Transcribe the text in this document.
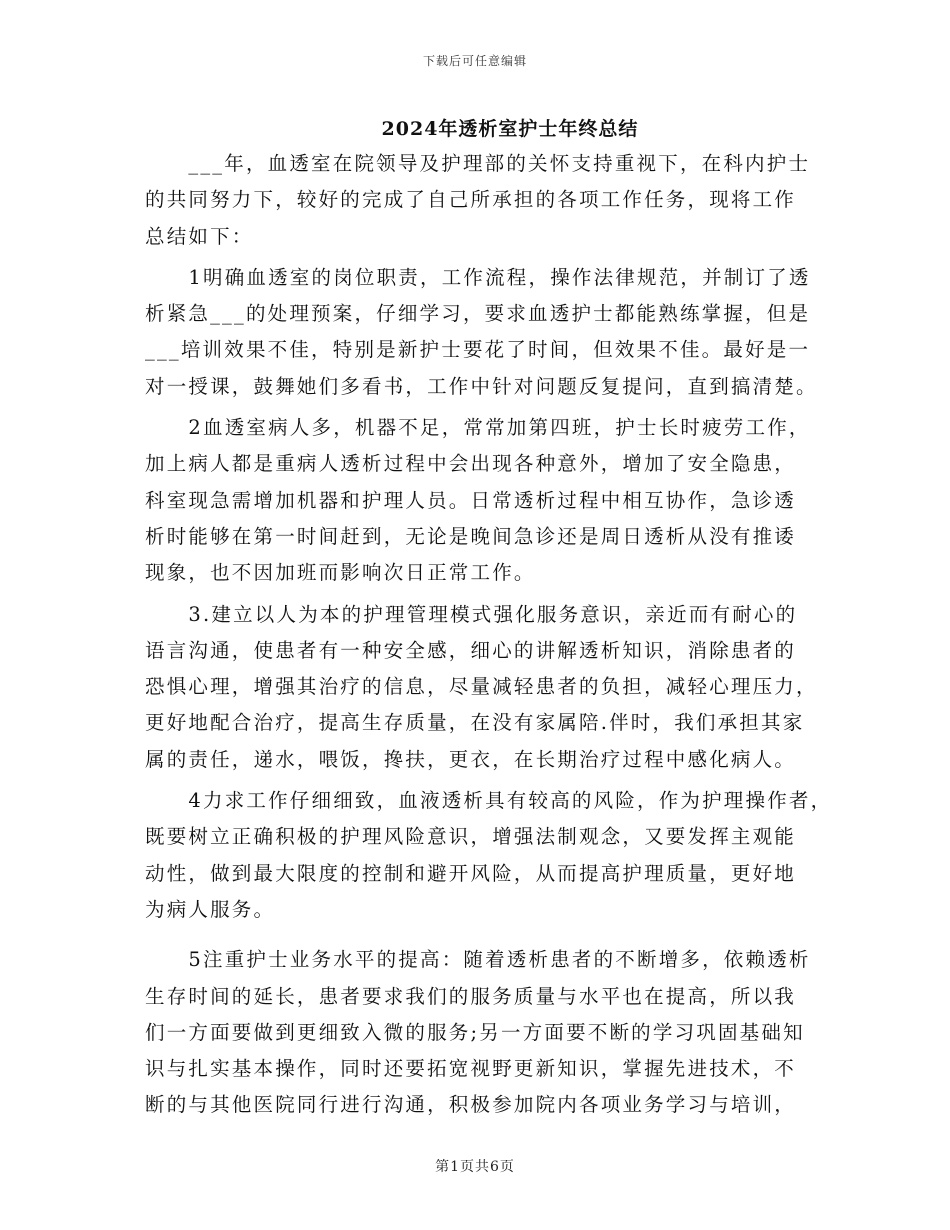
下载后可任意编辑
2024年透析室护士年终总结
　　___年，血透室在院领导及护理部的关怀支持重视下，在科内护士
的共同努力下，较好的完成了自己所承担的各项工作任务，现将工作
总结如下：
　　1明确血透室的岗位职责，工作流程，操作法律规范，并制订了透
析紧急___的处理预案，仔细学习，要求血透护士都能熟练掌握，但是
___培训效果不佳，特别是新护士要花了时间，但效果不佳。最好是一
对一授课，鼓舞她们多看书，工作中针对问题反复提问，直到搞清楚。
　　2血透室病人多，机器不足，常常加第四班，护士长时疲劳工作，
加上病人都是重病人透析过程中会出现各种意外，增加了安全隐患，
科室现急需增加机器和护理人员。日常透析过程中相互协作，急诊透
析时能够在第一时间赶到，无论是晚间急诊还是周日透析从没有推诿
现象，也不因加班而影响次日正常工作。
　　3.建立以人为本的护理管理模式强化服务意识，亲近而有耐心的
语言沟通，使患者有一种安全感，细心的讲解透析知识，消除患者的
恐惧心理，增强其治疗的信息，尽量减轻患者的负担，减轻心理压力，
更好地配合治疗，提高生存质量，在没有家属陪.伴时，我们承担其家
属的责任，递水，喂饭，搀扶，更衣，在长期治疗过程中感化病人。
　　4力求工作仔细细致，血液透析具有较高的风险，作为护理操作者，
既要树立正确积极的护理风险意识，增强法制观念，又要发挥主观能
动性，做到最大限度的控制和避开风险，从而提高护理质量，更好地
为病人服务。
　　5注重护士业务水平的提高：随着透析患者的不断增多，依赖透析
生存时间的延长，患者要求我们的服务质量与水平也在提高，所以我
们一方面要做到更细致入微的服务;另一方面要不断的学习巩固基础知
识与扎实基本操作，同时还要拓宽视野更新知识，掌握先进技术，不
断的与其他医院同行进行沟通，积极参加院内各项业务学习与培训，
第1页共6页
